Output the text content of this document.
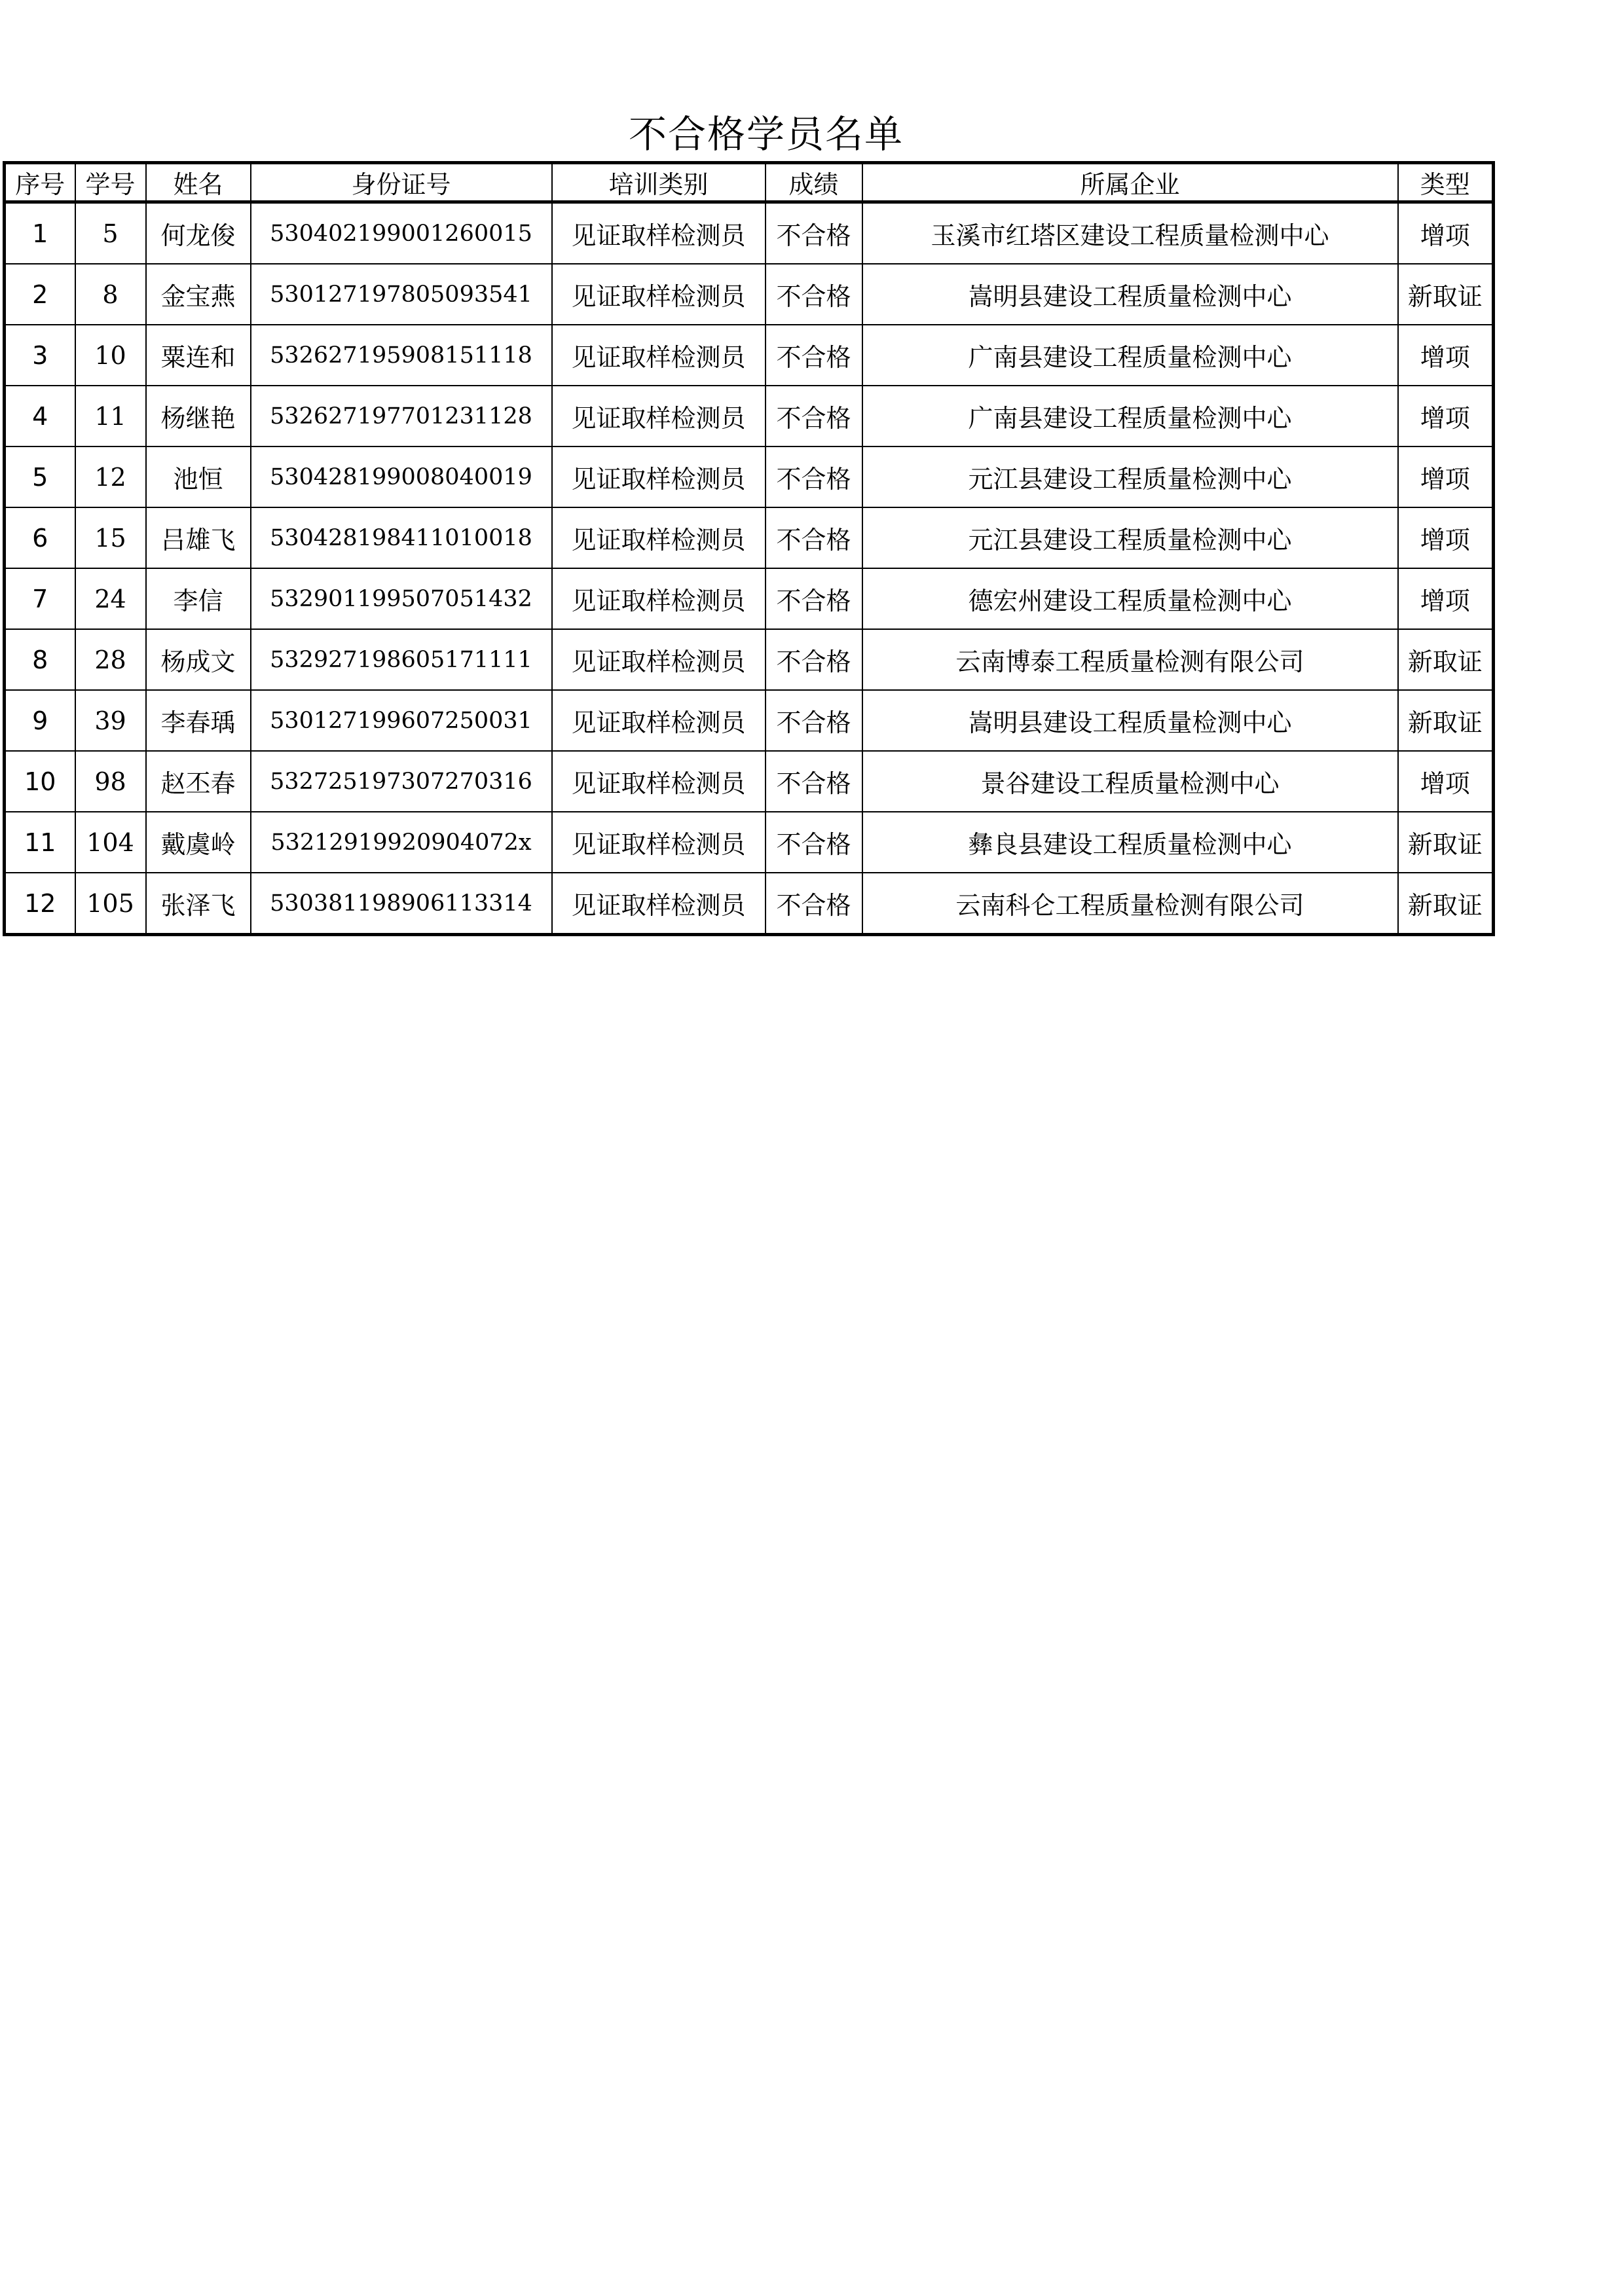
不合格学员名单
序号	学号	姓名	身份证号	培训类别	成绩	所属企业	类型
1	5	何龙俊	530402199001260015	见证取样检测员	不合格	玉溪市红塔区建设工程质量检测中心	增项
2	8	金宝燕	530127197805093541	见证取样检测员	不合格	嵩明县建设工程质量检测中心	新取证
3	10	粟连和	532627195908151118	见证取样检测员	不合格	广南县建设工程质量检测中心	增项
4	11	杨继艳	532627197701231128	见证取样检测员	不合格	广南县建设工程质量检测中心	增项
5	12	池恒	530428199008040019	见证取样检测员	不合格	元江县建设工程质量检测中心	增项
6	15	吕雄飞	530428198411010018	见证取样检测员	不合格	元江县建设工程质量检测中心	增项
7	24	李信	532901199507051432	见证取样检测员	不合格	德宏州建设工程质量检测中心	增项
8	28	杨成文	532927198605171111	见证取样检测员	不合格	云南博泰工程质量检测有限公司	新取证
9	39	李春瑀	530127199607250031	见证取样检测员	不合格	嵩明县建设工程质量检测中心	新取证
10	98	赵丕春	532725197307270316	见证取样检测员	不合格	景谷建设工程质量检测中心	增项
11	104	戴虞岭	53212919920904072x	见证取样检测员	不合格	彝良县建设工程质量检测中心	新取证
12	105	张泽飞	530381198906113314	见证取样检测员	不合格	云南科仑工程质量检测有限公司	新取证
